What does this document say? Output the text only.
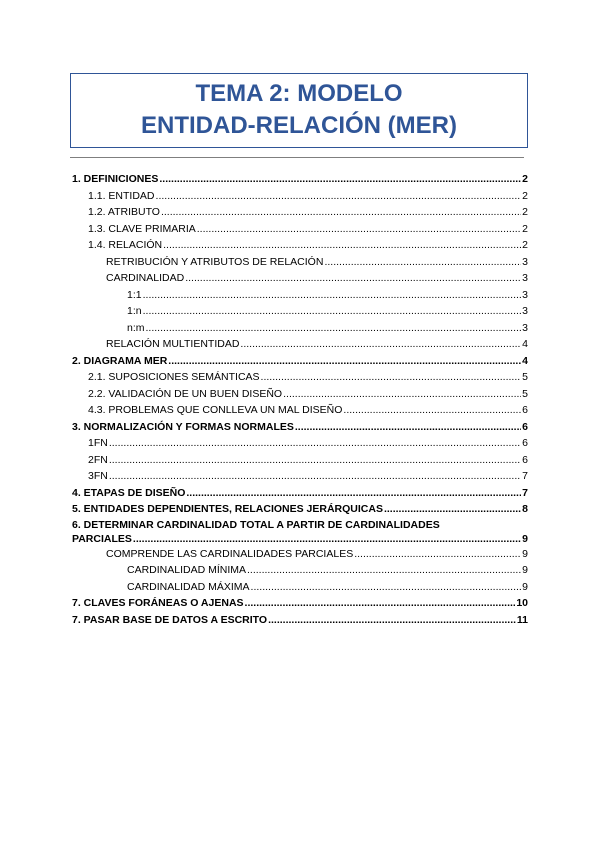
TEMA 2: MODELO
ENTIDAD-RELACIÓN (MER)
1. DEFINICIONES .....	2
1.1. ENTIDAD .....	2
1.2. ATRIBUTO .....	2
1.3. CLAVE PRIMARIA .....	2
1.4. RELACIÓN .....	2
RETRIBUCIÓN Y ATRIBUTOS DE RELACIÓN .....	3
CARDINALIDAD .....	3
1:1 .....	3
1:n .....	3
n:m .....	3
RELACIÓN MULTIENTIDAD .....	4
2. DIAGRAMA MER .....	4
2.1. SUPOSICIONES SEMÁNTICAS .....	5
2.2. VALIDACIÓN DE UN BUEN DISEÑO .....	5
4.3. PROBLEMAS QUE CONLLEVA UN MAL DISEÑO .....	6
3. NORMALIZACIÓN Y FORMAS NORMALES .....	6
1FN .....	6
2FN .....	6
3FN .....	7
4. ETAPAS DE DISEÑO .....	7
5. ENTIDADES DEPENDIENTES, RELACIONES JERÁRQUICAS .....	8
6. DETERMINAR CARDINALIDAD TOTAL A PARTIR DE CARDINALIDADES
PARCIALES .....	9
COMPRENDE LAS CARDINALIDADES PARCIALES .....	9
CARDINALIDAD MÍNIMA .....	9
CARDINALIDAD MÁXIMA .....	9
7. CLAVES FORÁNEAS O AJENAS .....	10
7. PASAR BASE DE DATOS A ESCRITO .....	11
